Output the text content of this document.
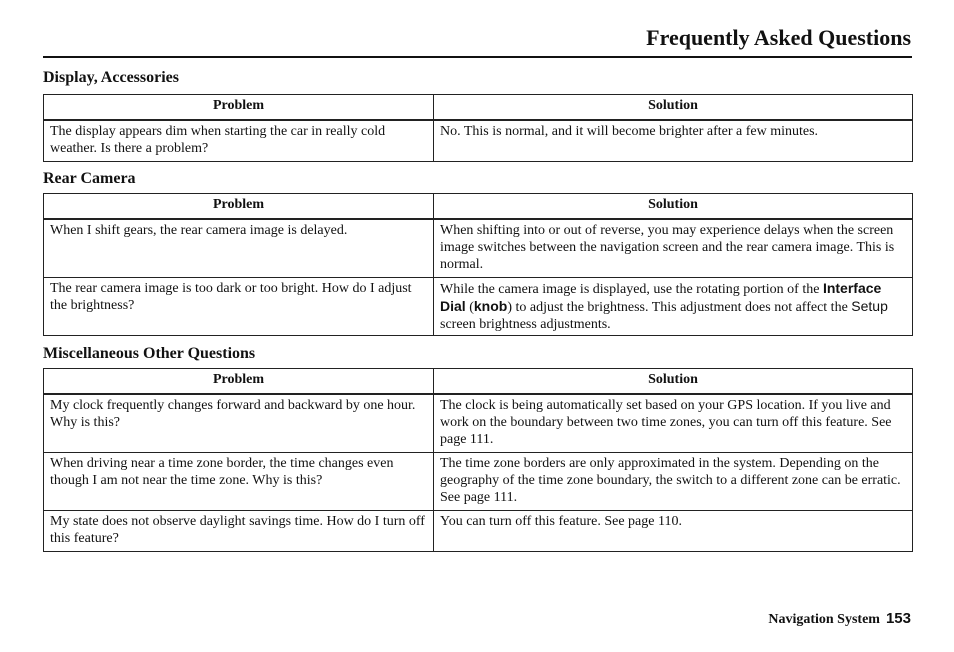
Frequently Asked Questions
Display, Accessories
Problem	Solution
The display appears dim when starting the car in really cold weather. Is there a problem?	No. This is normal, and it will become brighter after a few minutes.
Rear Camera
Problem	Solution
When I shift gears, the rear camera image is delayed.	When shifting into or out of reverse, you may experience delays when the screen image switches between the navigation screen and the rear camera image. This is normal.
The rear camera image is too dark or too bright. How do I adjust the brightness?	While the camera image is displayed, use the rotating portion of the Interface Dial (knob) to adjust the brightness. This adjustment does not affect the Setup screen brightness adjustments.
Miscellaneous Other Questions
Problem	Solution
My clock frequently changes forward and backward by one hour. Why is this?	The clock is being automatically set based on your GPS location. If you live and work on the boundary between two time zones, you can turn off this feature. See page 111.
When driving near a time zone border, the time changes even though I am not near the time zone. Why is this?	The time zone borders are only approximated in the system. Depending on the geography of the time zone boundary, the switch to a different zone can be erratic. See page 111.
My state does not observe daylight savings time. How do I turn off this feature?	You can turn off this feature. See page 110.
Navigation System 153
